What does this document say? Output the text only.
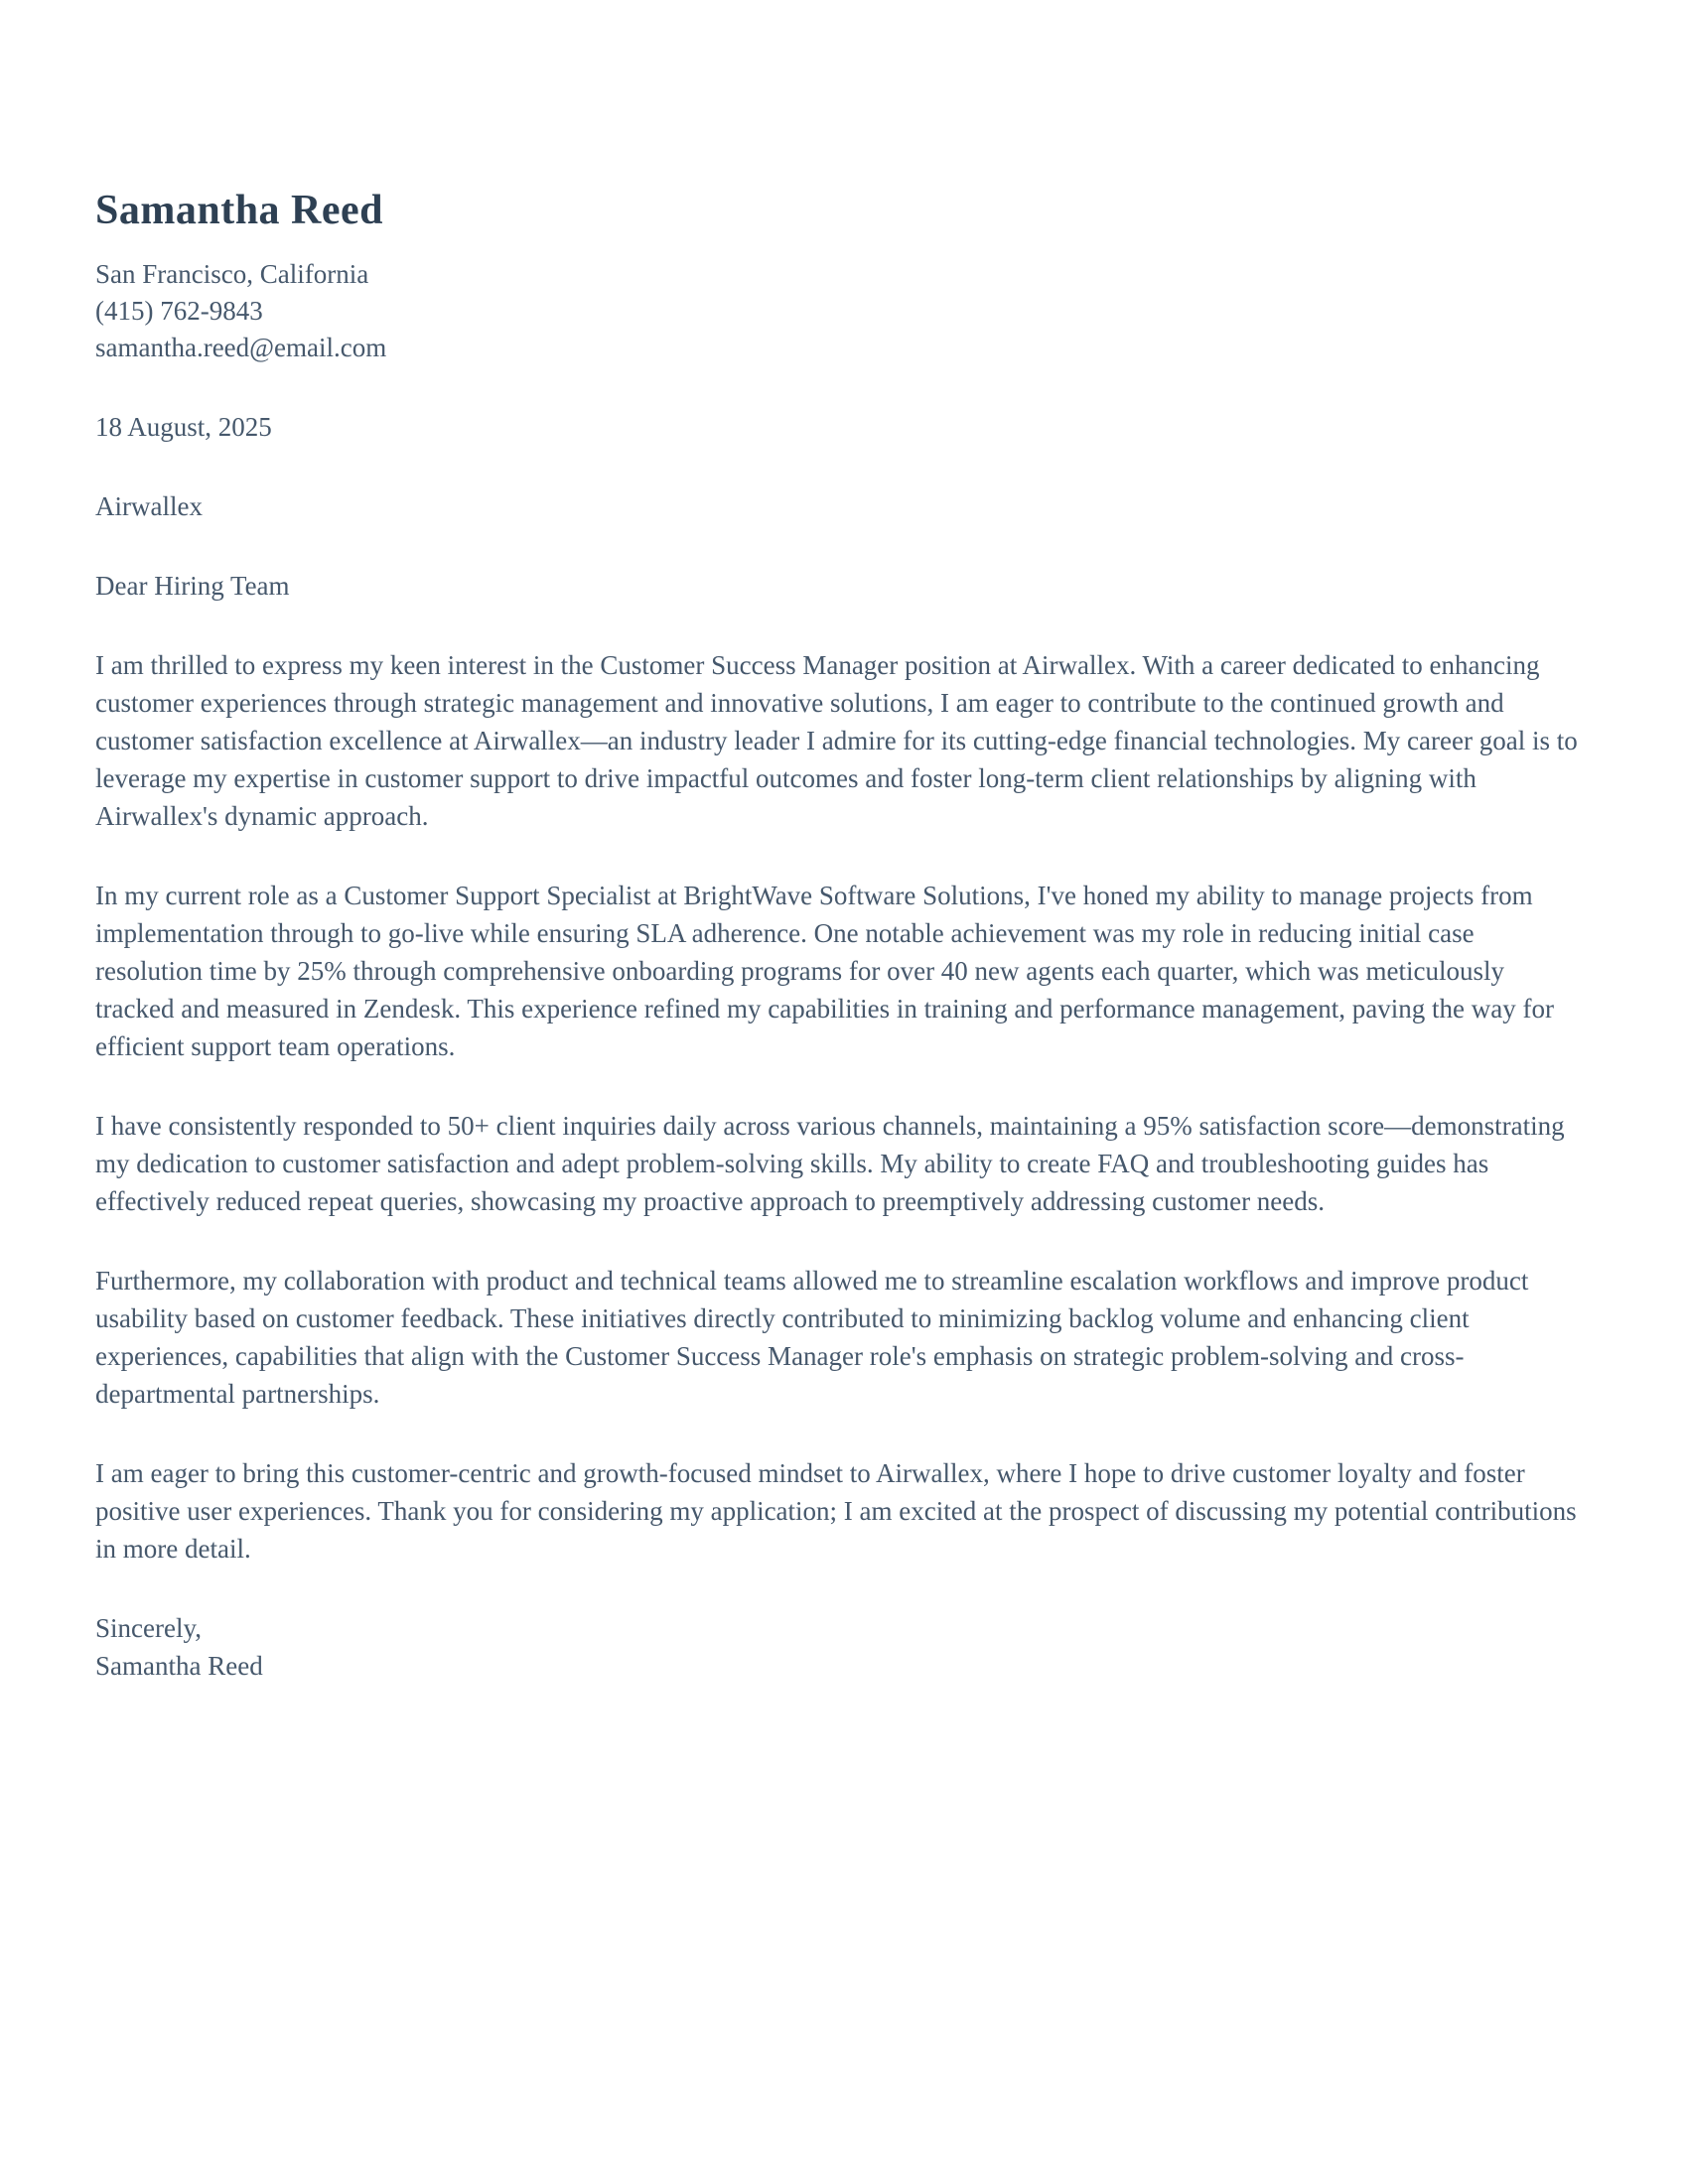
Samantha Reed
San Francisco, California
(415) 762-9843
samantha.reed@email.com
18 August, 2025
Airwallex
Dear Hiring Team

I am thrilled to express my keen interest in the Customer Success Manager position at Airwallex. With a career dedicated to enhancing customer experiences through strategic management and innovative solutions, I am eager to contribute to the continued growth and customer satisfaction excellence at Airwallex—an industry leader I admire for its cutting-edge financial technologies. My career goal is to leverage my expertise in customer support to drive impactful outcomes and foster long-term client relationships by aligning with Airwallex's dynamic approach.

In my current role as a Customer Support Specialist at BrightWave Software Solutions, I've honed my ability to manage projects from implementation through to go-live while ensuring SLA adherence. One notable achievement was my role in reducing initial case resolution time by 25% through comprehensive onboarding programs for over 40 new agents each quarter, which was meticulously tracked and measured in Zendesk. This experience refined my capabilities in training and performance management, paving the way for efficient support team operations.

I have consistently responded to 50+ client inquiries daily across various channels, maintaining a 95% satisfaction score—demonstrating my dedication to customer satisfaction and adept problem-solving skills. My ability to create FAQ and troubleshooting guides has effectively reduced repeat queries, showcasing my proactive approach to preemptively addressing customer needs.

Furthermore, my collaboration with product and technical teams allowed me to streamline escalation workflows and improve product usability based on customer feedback. These initiatives directly contributed to minimizing backlog volume and enhancing client experiences, capabilities that align with the Customer Success Manager role's emphasis on strategic problem-solving and cross-departmental partnerships.

I am eager to bring this customer-centric and growth-focused mindset to Airwallex, where I hope to drive customer loyalty and foster positive user experiences. Thank you for considering my application; I am excited at the prospect of discussing my potential contributions in more detail.

Sincerely,
Samantha Reed
